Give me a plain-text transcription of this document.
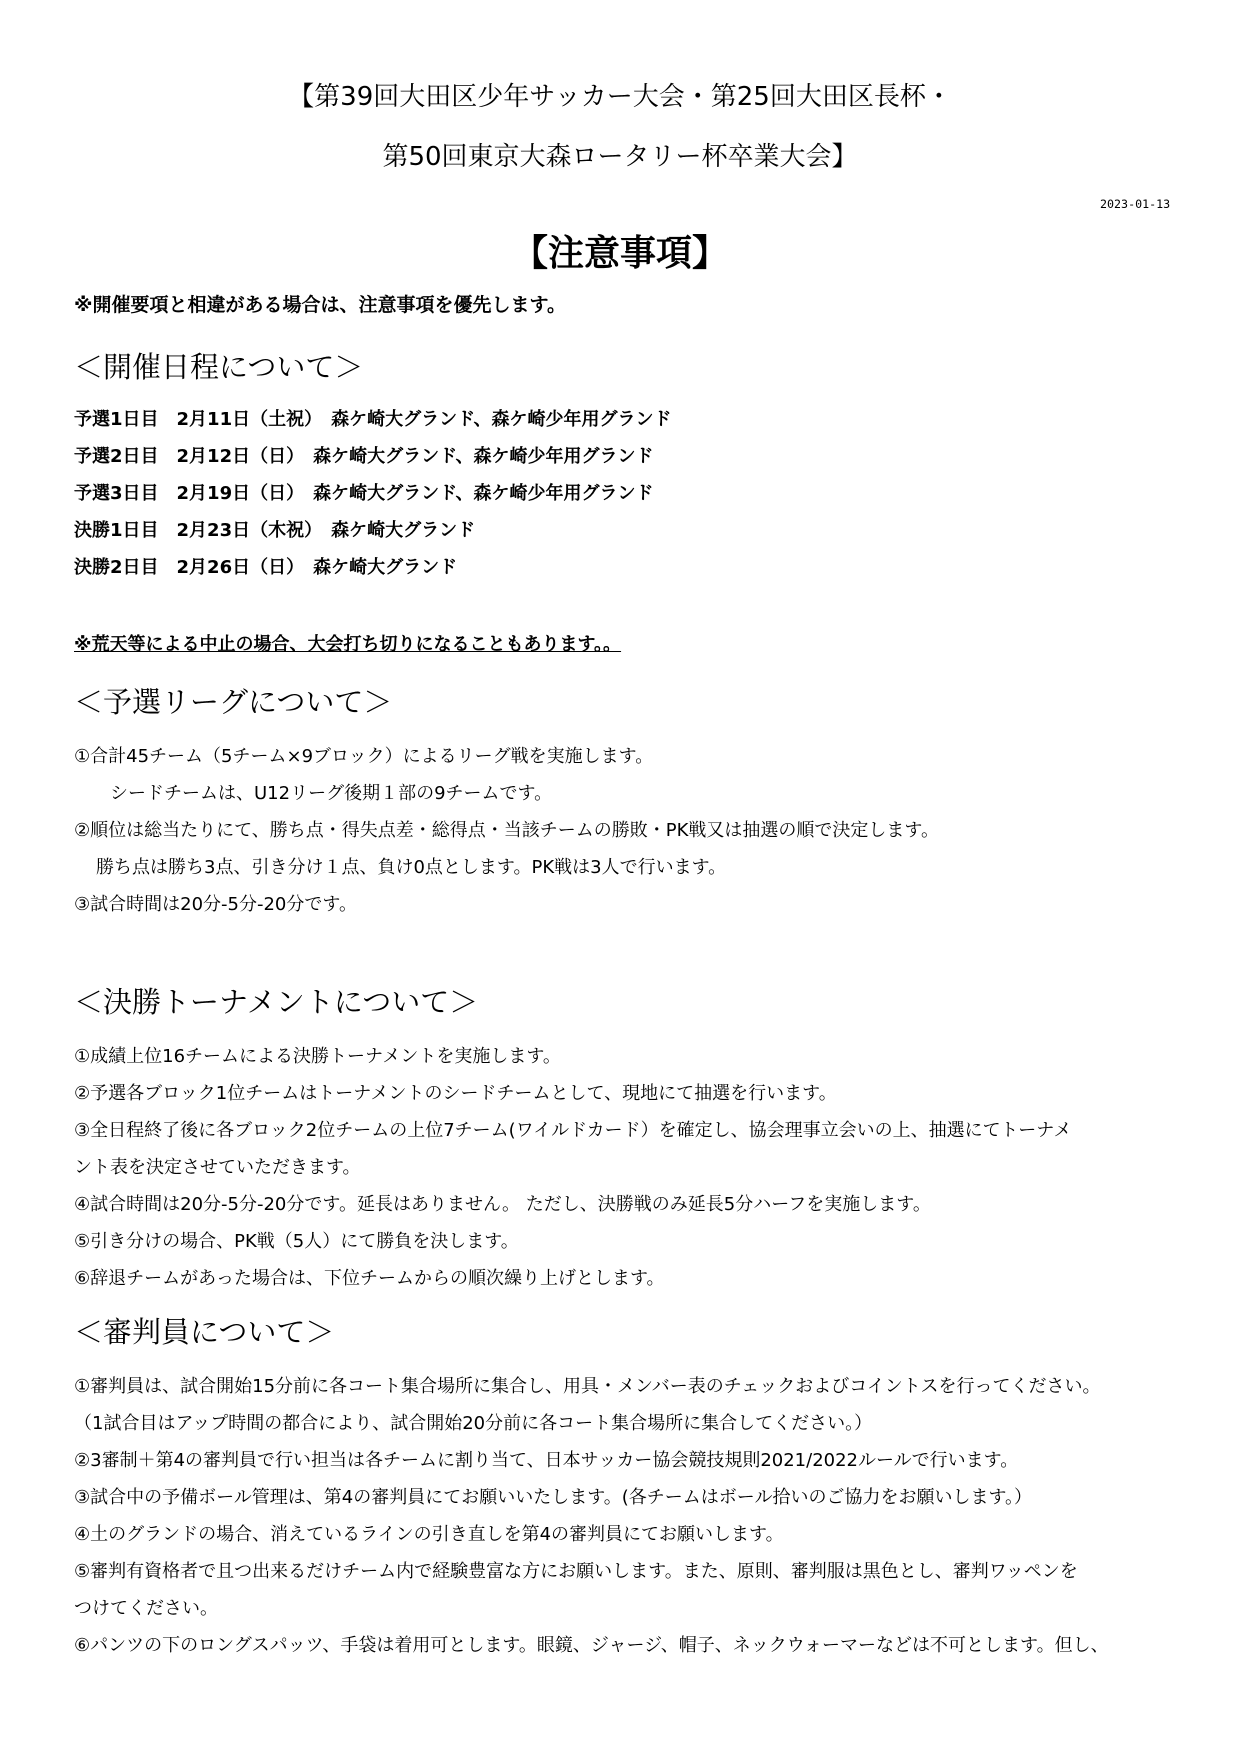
【第39回大田区少年サッカー大会・第25回大田区長杯・
第50回東京大森ロータリー杯卒業大会】
2023-01-13
【注意事項】
※開催要項と相違がある場合は、注意事項を優先します。
＜開催日程について＞
予選1日目　2月11日（土祝）　森ケ崎大グランド、森ケ崎少年用グランド
予選2日目　2月12日（日）　森ケ崎大グランド、森ケ崎少年用グランド
予選3日目　2月19日（日）　森ケ崎大グランド、森ケ崎少年用グランド
決勝1日目　2月23日（木祝）　森ケ崎大グランド
決勝2日目　2月26日（日）　森ケ崎大グランド
※荒天等による中止の場合、大会打ち切りになることもあります。。
＜予選リーグについて＞
①合計45チーム（5チーム×9ブロック）によるリーグ戦を実施します。
シードチームは、U12リーグ後期１部の9チームです。
②順位は総当たりにて、勝ち点・得失点差・総得点・当該チームの勝敗・PK戦又は抽選の順で決定します。
勝ち点は勝ち3点、引き分け１点、負け0点とします。PK戦は3人で行います。
③試合時間は20分-5分-20分です。
＜決勝トーナメントについて＞
①成績上位16チームによる決勝トーナメントを実施します。
②予選各ブロック1位チームはトーナメントのシードチームとして、現地にて抽選を行います。
③全日程終了後に各ブロック2位チームの上位7チーム(ワイルドカード）を確定し、協会理事立会いの上、抽選にてトーナメ
ント表を決定させていただきます。
④試合時間は20分-5分-20分です。延長はありません。 ただし、決勝戦のみ延長5分ハーフを実施します。
⑤引き分けの場合、PK戦（5人）にて勝負を決します。
⑥辞退チームがあった場合は、下位チームからの順次繰り上げとします。
＜審判員について＞
①審判員は、試合開始15分前に各コート集合場所に集合し、用具・メンバー表のチェックおよびコイントスを行ってください。
（1試合目はアップ時間の都合により、試合開始20分前に各コート集合場所に集合してください。）
②3審制＋第4の審判員で行い担当は各チームに割り当て、日本サッカー協会競技規則2021/2022ルールで行います。
③試合中の予備ボール管理は、第4の審判員にてお願いいたします。(各チームはボール拾いのご協力をお願いします。）
④土のグランドの場合、消えているラインの引き直しを第4の審判員にてお願いします。
⑤審判有資格者で且つ出来るだけチーム内で経験豊富な方にお願いします。また、原則、審判服は黒色とし、審判ワッペンを
つけてください。
⑥パンツの下のロングスパッツ、手袋は着用可とします。眼鏡、ジャージ、帽子、ネックウォーマーなどは不可とします。但し、
